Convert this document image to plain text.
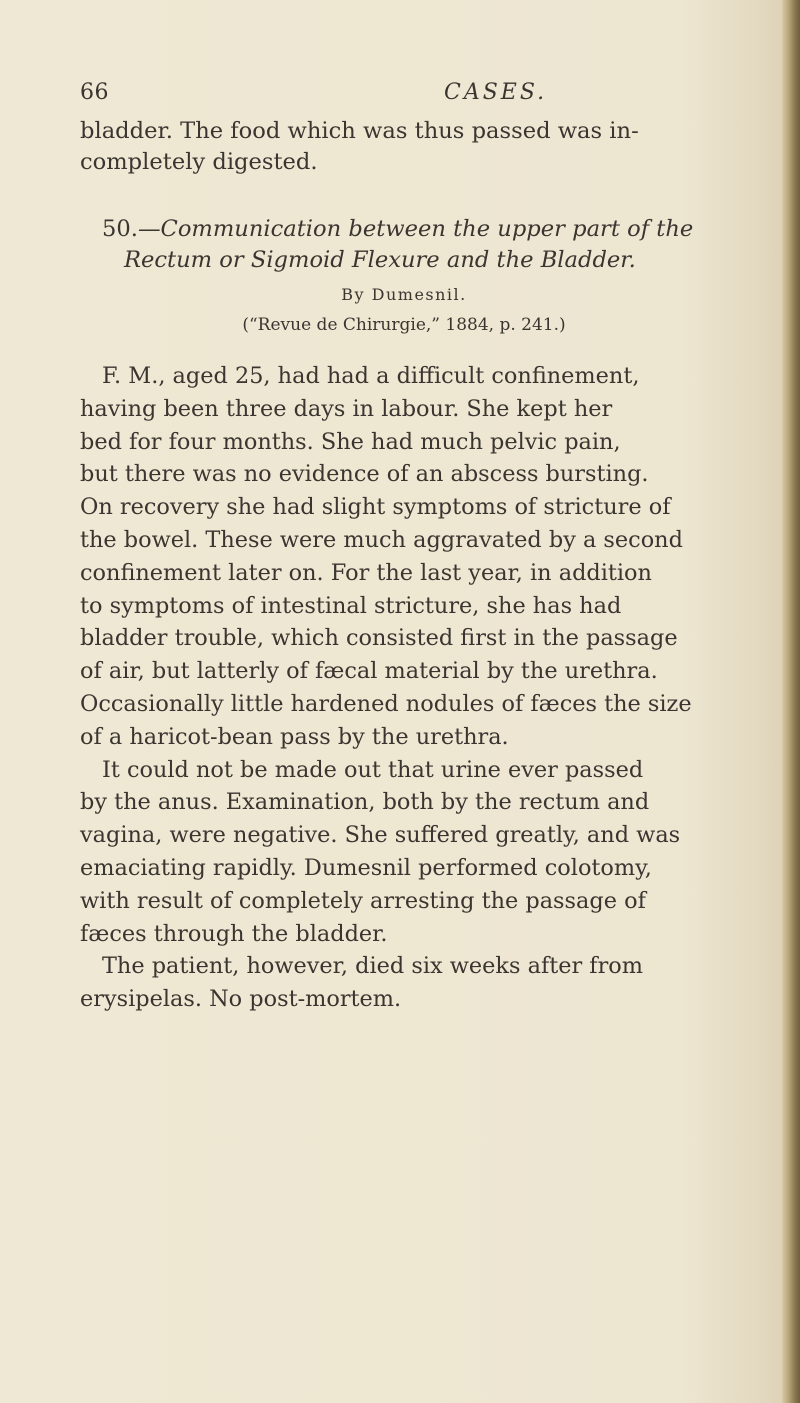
66	CASES.
bladder. The food which was thus passed was in-
completely digested.
50.—Communication between the upper part of the
Rectum or Sigmoid Flexure and the Bladder.
By Dumesnil.
(“Revue de Chirurgie,” 1884, p. 241.)
F. M., aged 25, had had a difficult confinement,
having been three days in labour. She kept her
bed for four months. She had much pelvic pain,
but there was no evidence of an abscess bursting.
On recovery she had slight symptoms of stricture of
the bowel. These were much aggravated by a second
confinement later on. For the last year, in addition
to symptoms of intestinal stricture, she has had
bladder trouble, which consisted first in the passage
of air, but latterly of fæcal material by the urethra.
Occasionally little hardened nodules of fæces the size
of a haricot-bean pass by the urethra.
It could not be made out that urine ever passed
by the anus. Examination, both by the rectum and
vagina, were negative. She suffered greatly, and was
emaciating rapidly. Dumesnil performed colotomy,
with result of completely arresting the passage of
fæces through the bladder.
The patient, however, died six weeks after from
erysipelas. No post-mortem.
